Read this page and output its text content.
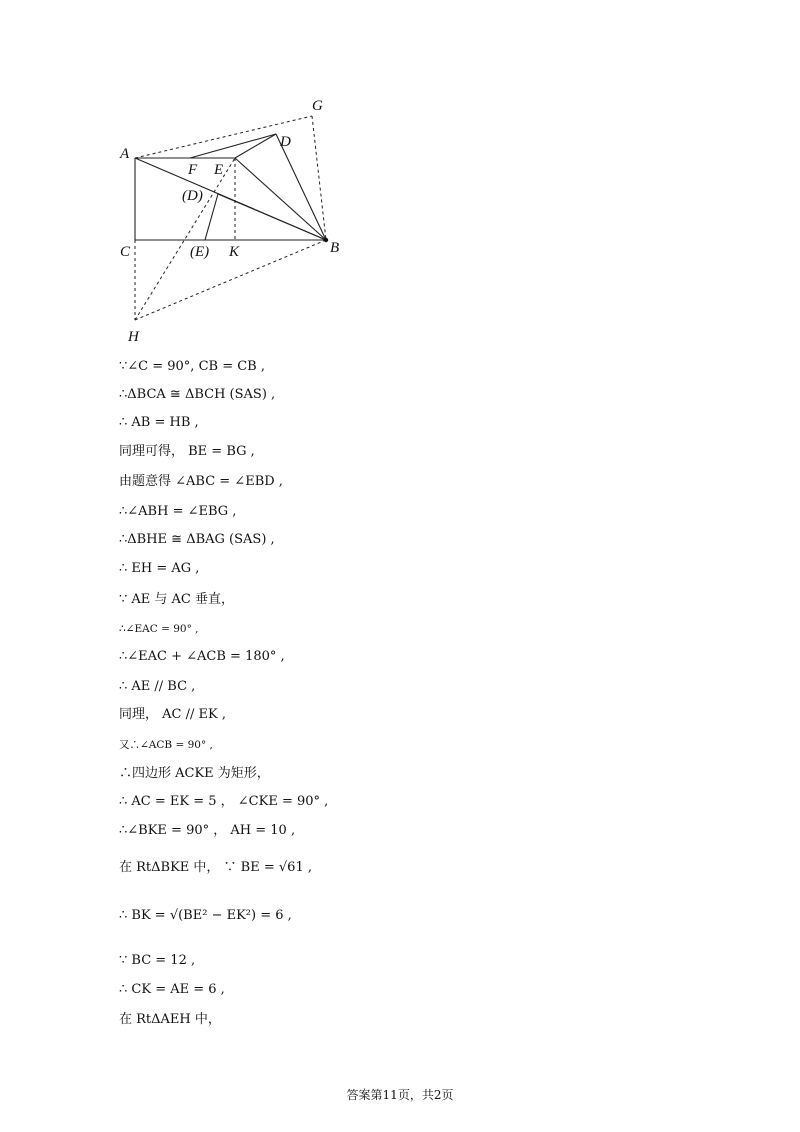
A
G
D
F E
(D)
C	(E) K	B
H
∵∠C = 90°, CB = CB ,
∴ΔBCA ≅ ΔBCH (SAS) ,
∴ AB = HB ,
同理可得， BE = BG ,
由题意得 ∠ABC = ∠EBD ,
∴∠ABH = ∠EBG ,
∴ΔBHE ≅ ΔBAG (SAS) ,
∴ EH = AG ,
∵ AE 与 AC 垂直，
∴∠EAC = 90° ,
∴∠EAC + ∠ACB = 180° ,
∴ AE // BC ,
同理， AC // EK ,
又∴∠ACB = 90° ,
∴四边形 ACKE 为矩形，
∴ AC = EK = 5 ， ∠CKE = 90° ,
∴∠BKE = 90° ， AH = 10 ,
在 RtΔBKE 中， ∵ BE = √61 ,
∴ BK = √(BE² − EK²) = 6 ,
∵ BC = 12 ,
∴ CK = AE = 6 ,
在 RtΔAEH 中，
答案第11页，共2页
